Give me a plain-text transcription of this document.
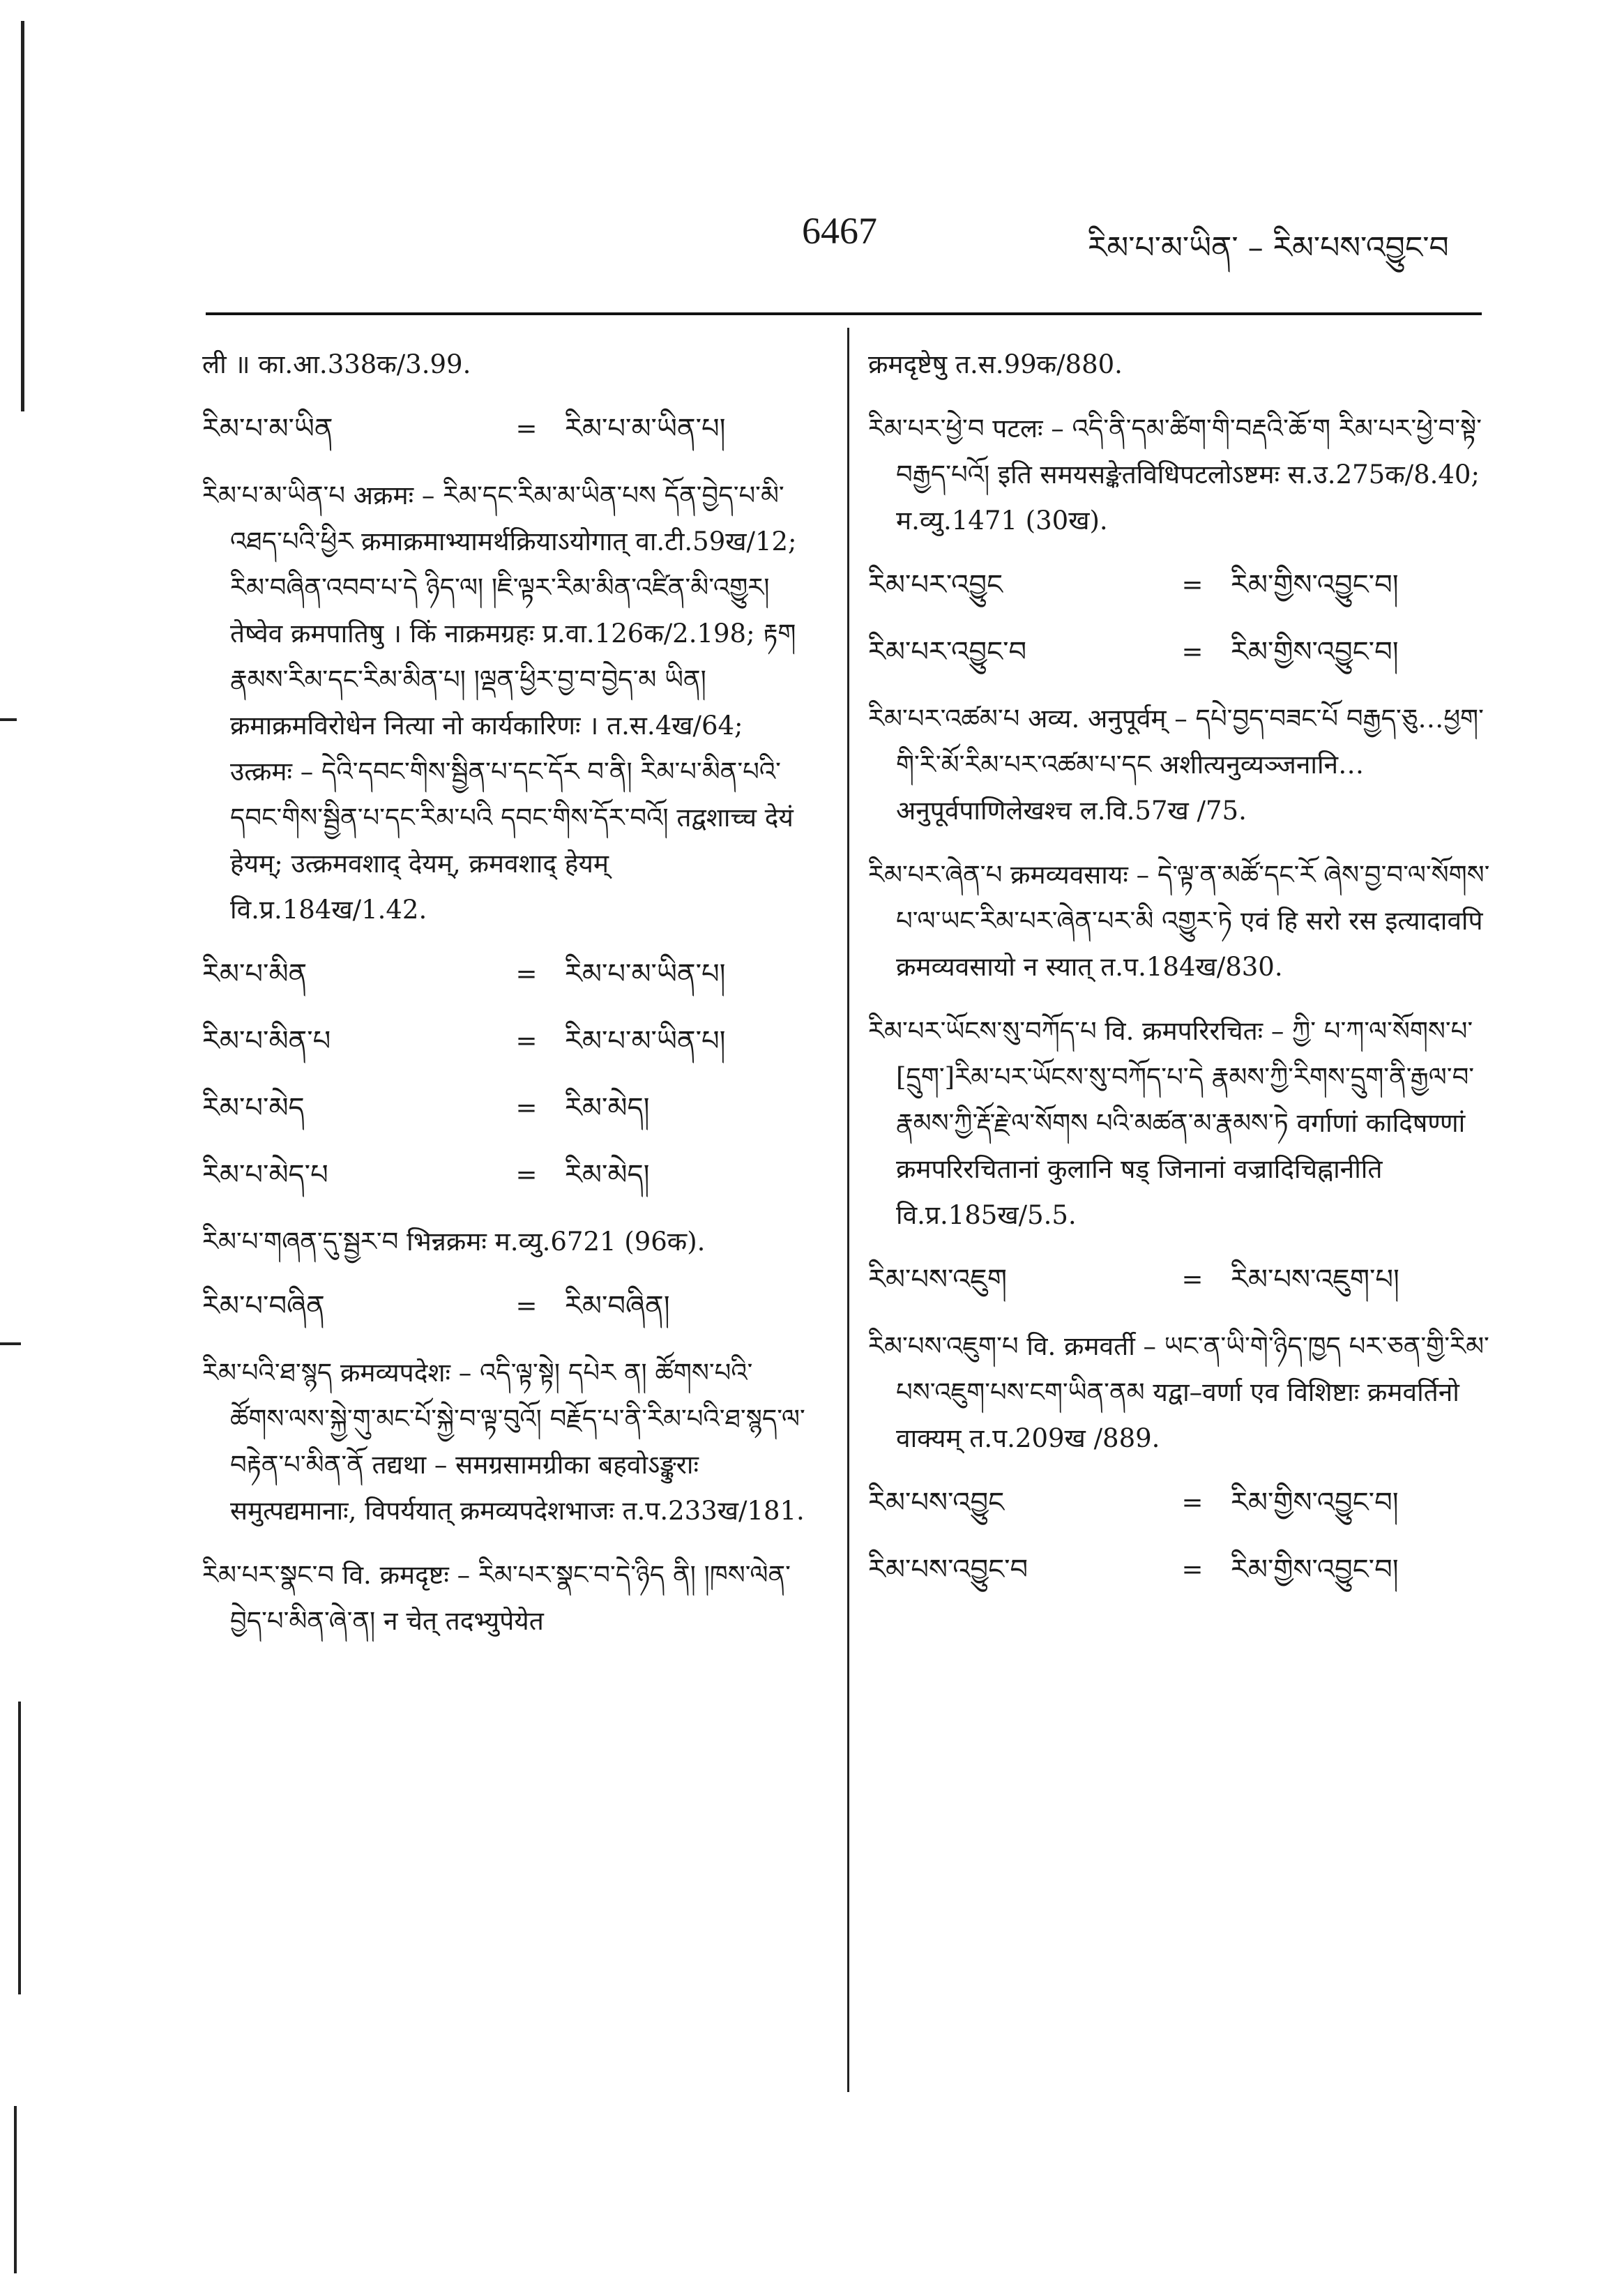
6467	རིམ་པ་མ་ཡིན་ – རིམ་པས་འབྱུང་བ
ली ॥ का.आ.338क/3.99.
རིམ་པ་མ་ཡིན	= རིམ་པ་མ་ཡིན་པ།
རིམ་པ་མ་ཡིན་པ अक्रमः – རིམ་དང་རིམ་མ་ཡིན་པས དོན་བྱེད་པ་མི་འཐད་པའི་ཕྱིར क्रमाक्रमाभ्यामर्थक्रियाऽयोगात् वा.टी.59ख/12; རིམ་བཞིན་འབབ་པ་དེ ཉིད་ལ། །ཇི་ལྟར་རིམ་མིན་འཛིན་མི་འགྱུར། तेष्वेव क्रमपातिषु । किं नाक्रमग्रहः प्र.वा.126क/2.198; རྟག རྣམས་རིམ་དང་རིམ་མིན་པ། །ལྡན་ཕྱིར་བྱ་བ་བྱེད་མ ཡིན། क्रमाक्रमविरोधेन नित्या नो कार्यकारिणः । त.स.4ख/64; उत्क्रमः – དེའི་དབང་གིས་སྦྱིན་པ་དང་དོར བ་ནི། རིམ་པ་མིན་པའི་དབང་གིས་སྦྱིན་པ་དང་རིམ་པའི དབང་གིས་དོར་བའོ། तद्वशाच्च देयं हेयम्; उत्क्रमवशाद् देयम्, क्रमवशाद् हेयम् वि.प्र.184ख/1.42.
རིམ་པ་མིན	= རིམ་པ་མ་ཡིན་པ།
རིམ་པ་མིན་པ	= རིམ་པ་མ་ཡིན་པ།
རིམ་པ་མེད	= རིམ་མེད།
རིམ་པ་མེད་པ	= རིམ་མེད།
རིམ་པ་གཞན་དུ་སྦྱར་བ भिन्नक्रमः म.व्यु.6721 (96क).
རིམ་པ་བཞིན	= རིམ་བཞིན།
རིམ་པའི་ཐ་སྙད क्रमव्यपदेशः – འདི་ལྟ་སྟེ། དཔེར ན། ཚོགས་པའི་ཚོགས་ལས་སྐྱེ་གུ་མང་པོ་སྐྱེ་བ་ལྟ་བུའོ། བརྗོད་པ་ནི་རིམ་པའི་ཐ་སྙད་ལ་བརྟེན་པ་མིན་ནོ तद्यथा – समग्रसामग्रीका बहवोऽङ्कुराः समुत्पद्यमानाः, विपर्ययात् क्रमव्यपदेशभाजः त.प.233ख/181.
རིམ་པར་སྣང་བ वि. क्रमदृष्टः – རིམ་པར་སྣང་བ་དེ་ཉིད ནི། །ཁས་ལེན་བྱེད་པ་མིན་ཞེ་ན། न चेत् तदभ्युपेयेत
क्रमदृष्टेषु त.स.99क/880.
རིམ་པར་ཕྱེ་བ पटलः – འདི་ནི་དམ་ཚིག་གི་བརྡའི་ཆོ་ག རིམ་པར་ཕྱེ་བ་སྟེ་བརྒྱད་པའོ། इति समयसङ्केतविधिपटलोऽष्टमः स.उ.275क/8.40; म.व्यु.1471 (30ख).
རིམ་པར་འབྱུང	= རིམ་གྱིས་འབྱུང་བ།
རིམ་པར་འབྱུང་བ	= རིམ་གྱིས་འབྱུང་བ།
རིམ་པར་འཚམ་པ अव्य. अनुपूर्वम् – དཔེ་བྱད་བཟང་པོ བརྒྱད་ཅུ…ཕྱག་གི་རི་མོ་རིམ་པར་འཚམ་པ་དང अशीत्यनुव्यञ्जनानि…अनुपूर्वपाणिलेखश्च ल.वि.57ख /75.
རིམ་པར་ཞེན་པ क्रमव्यवसायः – དེ་ལྟ་ན་མཚོ་དང་རོ ཞེས་བྱ་བ་ལ་སོགས་པ་ལ་ཡང་རིམ་པར་ཞེན་པར་མི འགྱུར་ཏེ एवं हि सरो रस इत्यादावपि क्रमव्यवसायो न स्यात् त.प.184ख/830.
རིམ་པར་ཡོངས་སུ་བཀོད་པ वि. क्रमपरिरचितः – ཀྱི་ པ་ཀ་ལ་སོགས་པ་[དྲུག་]རིམ་པར་ཡོངས་སུ་བཀོད་པ་དེ རྣམས་ཀྱི་རིགས་དྲུག་ནི་རྒྱལ་བ་རྣམས་ཀྱི་རྡོ་རྗེ་ལ་སོགས པའི་མཚན་མ་རྣམས་ཏེ वर्गाणां कादिषण्णां क्रमपरिरचितानां कुलानि षड् जिनानां वज्रादिचिह्नानीति वि.प्र.185ख/5.5.
རིམ་པས་འཇུག	= རིམ་པས་འཇུག་པ།
རིམ་པས་འཇུག་པ वि. क्रमवर्ती – ཡང་ན་ཡི་གེ་ཉིད་ཁྱད པར་ཅན་གྱི་རིམ་པས་འཇུག་པས་ངག་ཡིན་ནམ यद्वा–वर्णा एव विशिष्टाः क्रमवर्तिनो वाक्यम् त.प.209ख /889.
རིམ་པས་འབྱུང	= རིམ་གྱིས་འབྱུང་བ།
རིམ་པས་འབྱུང་བ	= རིམ་གྱིས་འབྱུང་བ།
